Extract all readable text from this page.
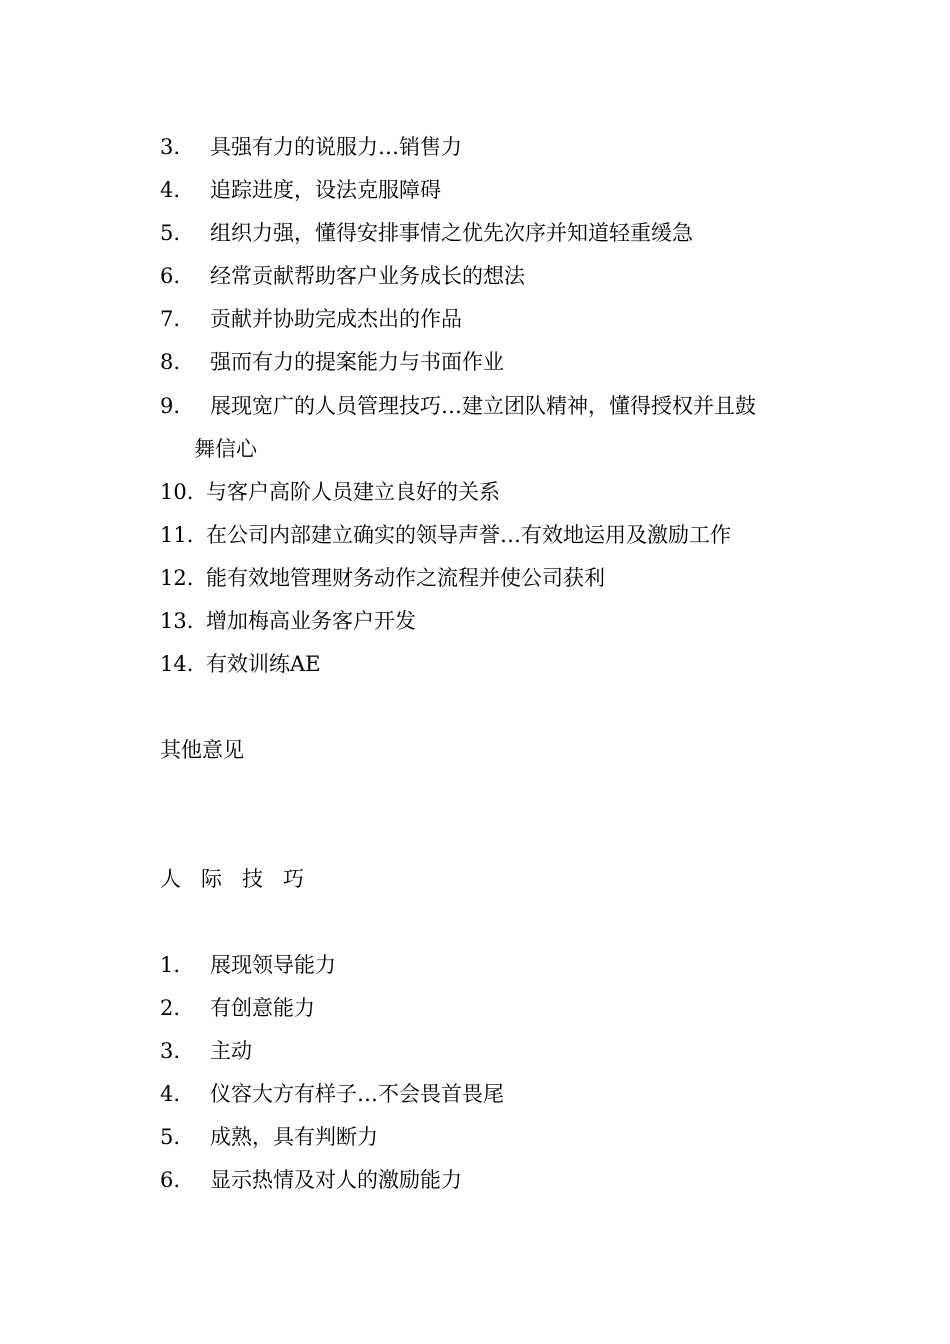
3. 具强有力的说服力…销售力
4. 追踪进度，设法克服障碍
5. 组织力强，懂得安排事情之优先次序并知道轻重缓急
6. 经常贡献帮助客户业务成长的想法
7. 贡献并协助完成杰出的作品
8. 强而有力的提案能力与书面作业
9. 展现宽广的人员管理技巧…建立团队精神，懂得授权并且鼓
舞信心
10. 与客户高阶人员建立良好的关系
11. 在公司内部建立确实的领导声誉…有效地运用及激励工作
12. 能有效地管理财务动作之流程并使公司获利
13. 增加梅高业务客户开发
14. 有效训练AE
其他意见
人际技巧
1. 展现领导能力
2. 有创意能力
3. 主动
4. 仪容大方有样子…不会畏首畏尾
5. 成熟，具有判断力
6. 显示热情及对人的激励能力
